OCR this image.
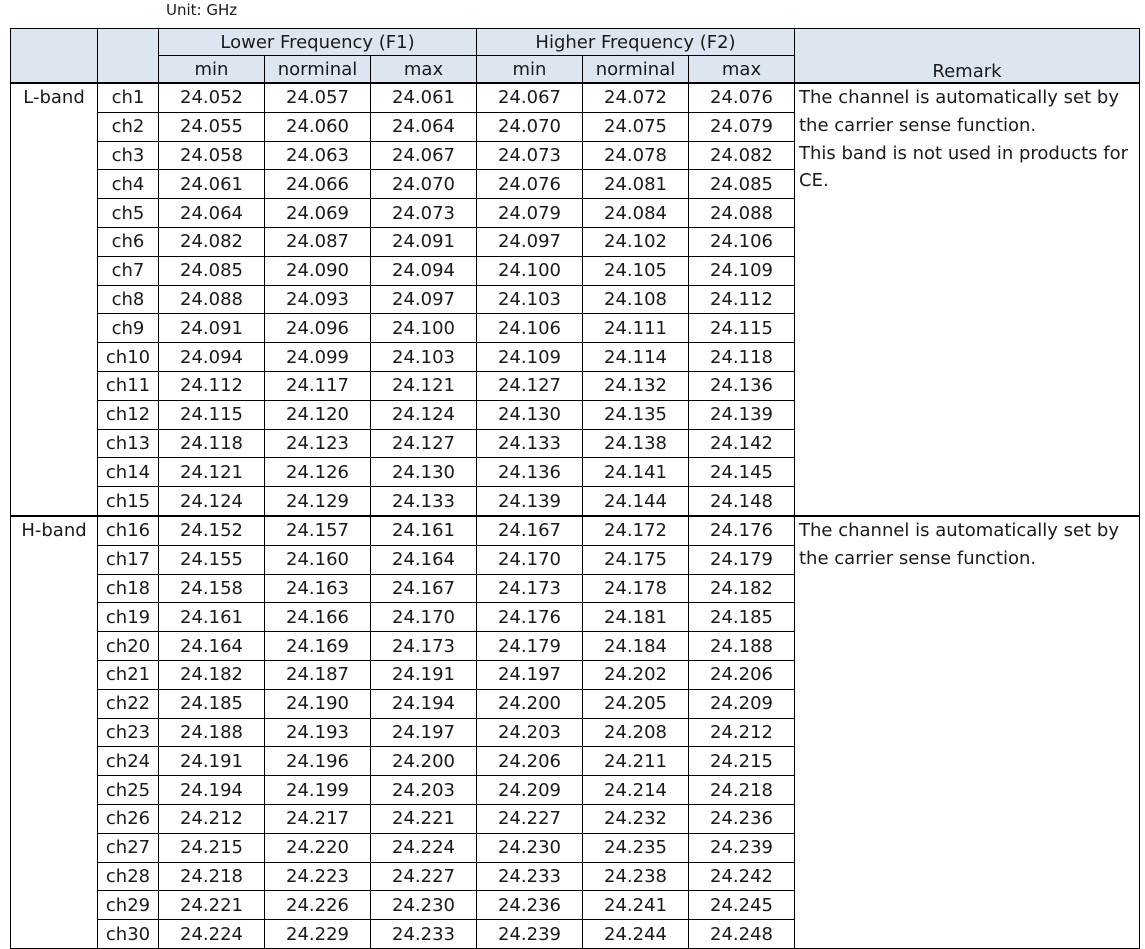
Unit: GHz
		Lower Frequency (F1)			Higher Frequency (F2)			Remark
		min	norminal	max	min	norminal	max	
L-band	ch1	24.052	24.057	24.061	24.067	24.072	24.076	The channel is automatically set by
the carrier sense function.
This band is not used in products for
CE.

	ch2	24.055	24.060	24.064	24.070	24.075	24.079	
	ch3	24.058	24.063	24.067	24.073	24.078	24.082	
	ch4	24.061	24.066	24.070	24.076	24.081	24.085	
	ch5	24.064	24.069	24.073	24.079	24.084	24.088	
	ch6	24.082	24.087	24.091	24.097	24.102	24.106	
	ch7	24.085	24.090	24.094	24.100	24.105	24.109	
	ch8	24.088	24.093	24.097	24.103	24.108	24.112	
	ch9	24.091	24.096	24.100	24.106	24.111	24.115	
	ch10	24.094	24.099	24.103	24.109	24.114	24.118	
	ch11	24.112	24.117	24.121	24.127	24.132	24.136	
	ch12	24.115	24.120	24.124	24.130	24.135	24.139	
	ch13	24.118	24.123	24.127	24.133	24.138	24.142	
	ch14	24.121	24.126	24.130	24.136	24.141	24.145	
	ch15	24.124	24.129	24.133	24.139	24.144	24.148	
H-band	ch16	24.152	24.157	24.161	24.167	24.172	24.176	The channel is automatically set by
the carrier sense function.

	ch17	24.155	24.160	24.164	24.170	24.175	24.179	
	ch18	24.158	24.163	24.167	24.173	24.178	24.182	
	ch19	24.161	24.166	24.170	24.176	24.181	24.185	
	ch20	24.164	24.169	24.173	24.179	24.184	24.188	
	ch21	24.182	24.187	24.191	24.197	24.202	24.206	
	ch22	24.185	24.190	24.194	24.200	24.205	24.209	
	ch23	24.188	24.193	24.197	24.203	24.208	24.212	
	ch24	24.191	24.196	24.200	24.206	24.211	24.215	
	ch25	24.194	24.199	24.203	24.209	24.214	24.218	
	ch26	24.212	24.217	24.221	24.227	24.232	24.236	
	ch27	24.215	24.220	24.224	24.230	24.235	24.239	
	ch28	24.218	24.223	24.227	24.233	24.238	24.242	
	ch29	24.221	24.226	24.230	24.236	24.241	24.245	
	ch30	24.224	24.229	24.233	24.239	24.244	24.248	
